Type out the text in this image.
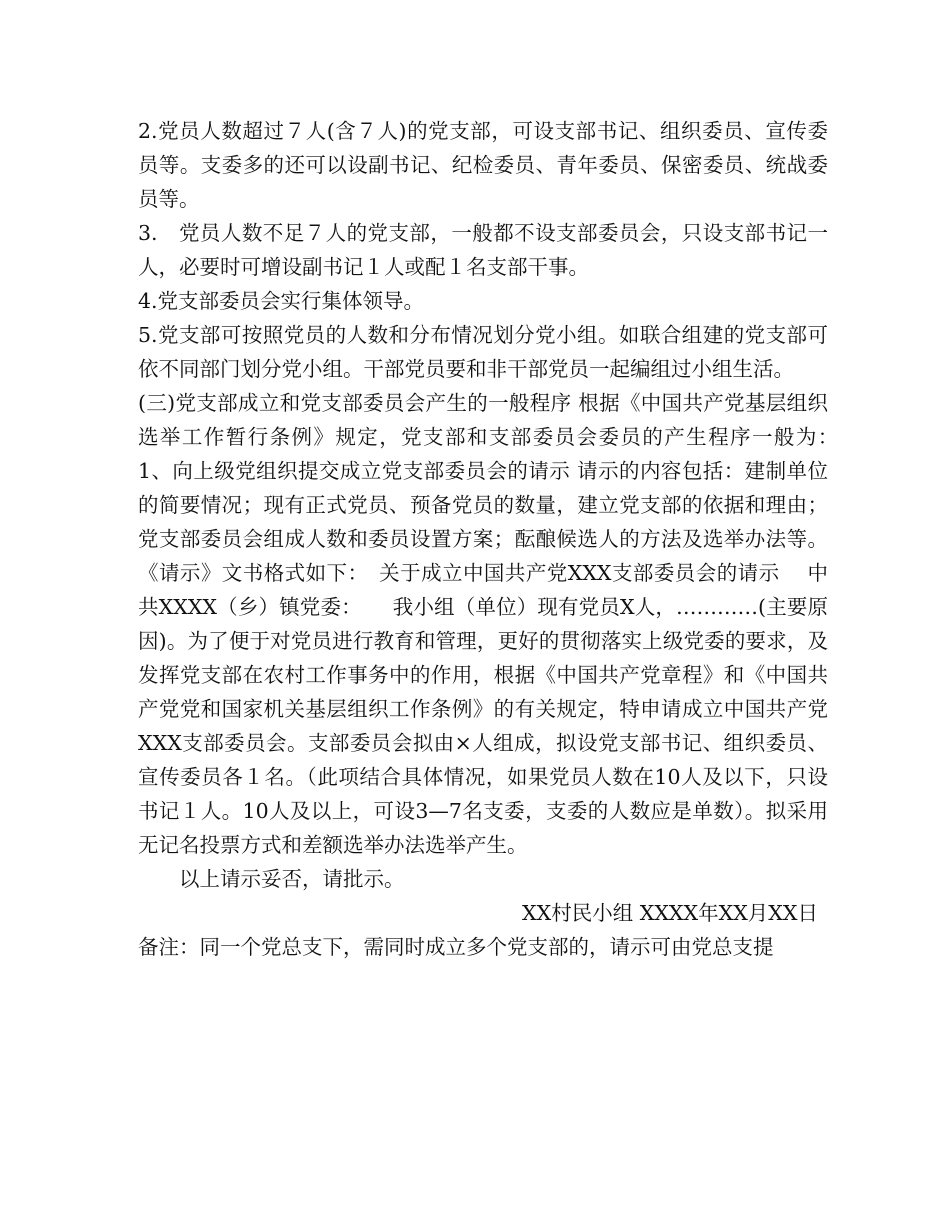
2.党员人数超过７人(含７人)的党支部，可设支部书记、组织委员、宣传委员等。支委多的还可以设副书记、纪检委员、青年委员、保密委员、统战委员等。

3.　党员人数不足７人的党支部，一般都不设支部委员会，只设支部书记一人，必要时可增设副书记１人或配１名支部干事。

4.党支部委员会实行集体领导。

5.党支部可按照党员的人数和分布情况划分党小组。如联合组建的党支部可依不同部门划分党小组。干部党员要和非干部党员一起编组过小组生活。

(三)党支部成立和党支部委员会产生的一般程序 根据《中国共产党基层组织选举工作暂行条例》规定，党支部和支部委员会委员的产生程序一般为：　1、向上级党组织提交成立党支部委员会的请示 请示的内容包括：建制单位的简要情况；现有正式党员、预备党员的数量，建立党支部的依据和理由；党支部委员会组成人数和委员设置方案；酝酿候选人的方法及选举办法等。《请示》文书格式如下：　关于成立中国共产党XXX支部委员会的请示　 中共XXXX（乡）镇党委：　　我小组（单位）现有党员X人，…………(主要原因)。为了便于对党员进行教育和管理，更好的贯彻落实上级党委的要求，及发挥党支部在农村工作事务中的作用，根据《中国共产党章程》和《中国共产党党和国家机关基层组织工作条例》的有关规定，特申请成立中国共产党XXX支部委员会。支部委员会拟由×人组成，拟设党支部书记、组织委员、宣传委员各１名。（此项结合具体情况，如果党员人数在10人及以下，只设书记１人。10人及以上，可设3—7名支委，支委的人数应是单数）。拟采用无记名投票方式和差额选举办法选举产生。

以上请示妥否，请批示。

XX村民小组 XXXX年XX月XX日

备注：同一个党总支下，需同时成立多个党支部的，请示可由党总支提
